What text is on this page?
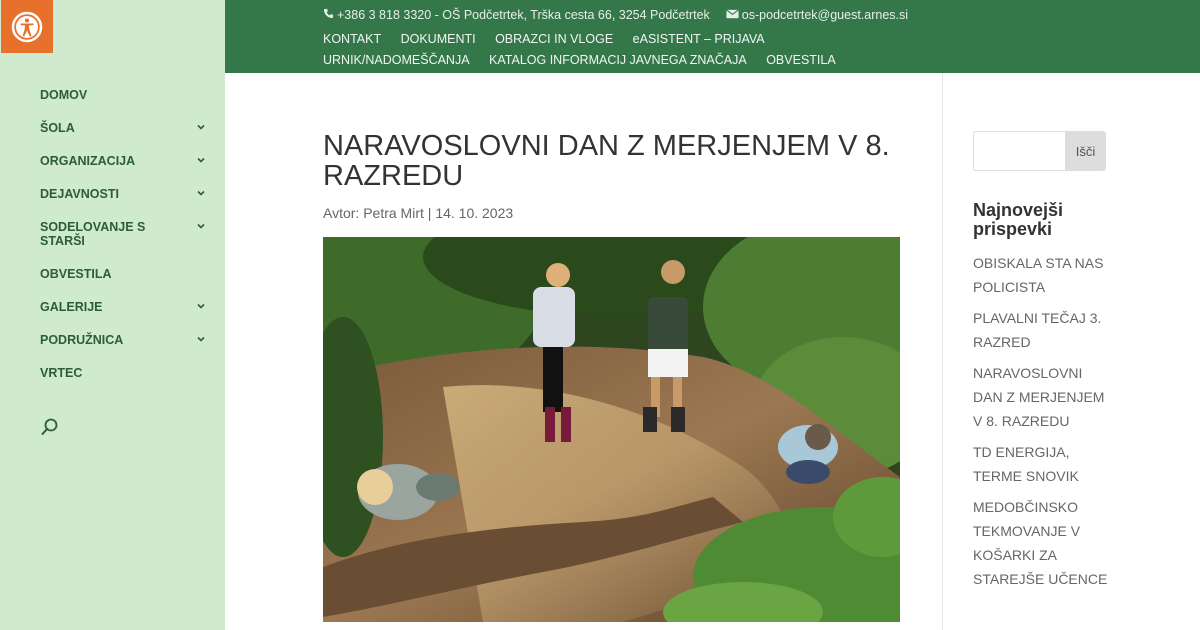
DOMOV
ŠOLA
ORGANIZACIJA
DEJAVNOSTI
SODELOVANJE S STARŠI
OBVESTILA
GALERIJE
PODRUŽNICA
VRTEC
+386 3 818 3320 - OŠ Podčetrtek, Trška cesta 66, 3254 Podčetrtek	os-podcetrtek@guest.arnes.si
KONTAKT DOKUMENTI OBRAZCI IN VLOGE eASISTENT – PRIJAVA URNIK/NADOMEŠČANJA KATALOG INFORMACIJ JAVNEGA ZNAČAJA OBVESTILA
NARAVOSLOVNI DAN Z MERJENJEM V 8. RAZREDU
Avtor: Petra Mirt | 14. 10. 2023
Išči
Najnovejši prispevki
OBISKALA STA NAS POLICISTA
PLAVALNI TEČAJ 3. RAZRED
NARAVOSLOVNI DAN Z MERJENJEM V 8. RAZREDU
TD ENERGIJA, TERME SNOVIK
MEDOBČINSKO TEKMOVANJE V KOŠARKI ZA STAREJŠE UČENCE
